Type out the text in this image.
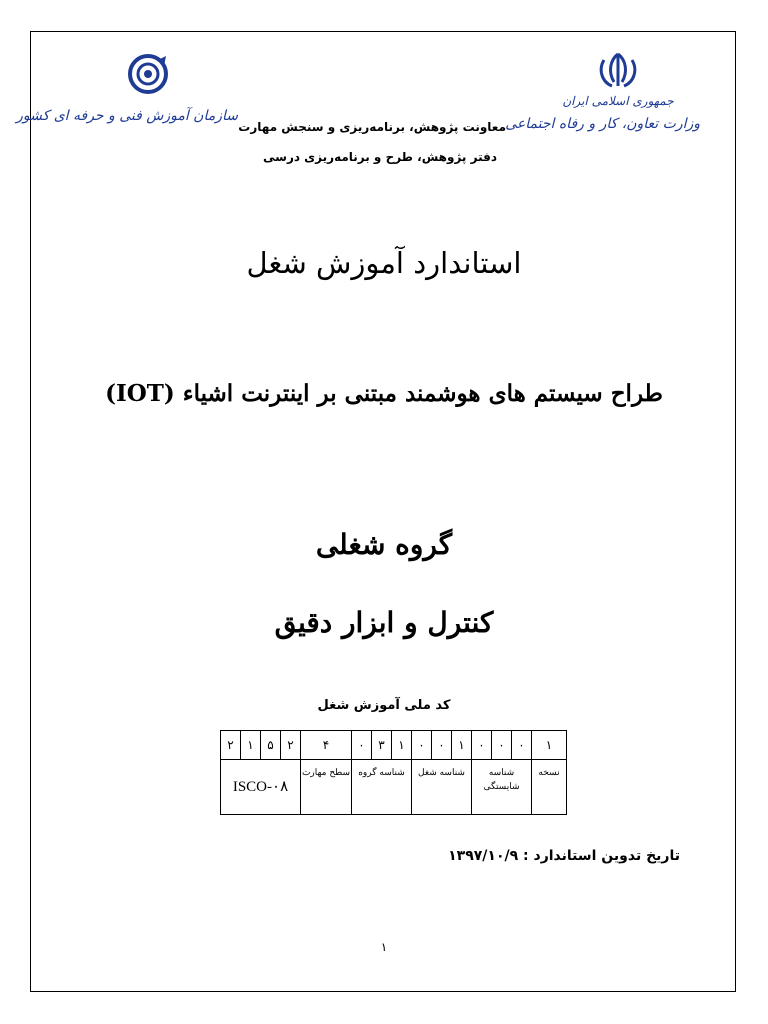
سازمان آموزش فنی و حرفه ای کشور
جمهوری اسلامی ایران
وزارت تعاون، کار و رفاه اجتماعی
معاونت پژوهش، برنامه‌ریزی و سنجش مهارت
دفتر پژوهش، طرح و برنامه‌ریزی درسی
استاندارد آموزش شغل
طراح سیستم های هوشمند مبتنی بر اینترنت اشیاء (IOT)
گروه شغلی
کنترل و ابزار دقیق
کد ملی آموزش شغل
۲	۱	۵	۲	۴	۰	۳	۱	۰	۰	۱	۰	۰	۰	۱
ISCO-۰۸				سطح مهارت	شناسه گروه			شناسه شغل			شناسه شایستگی			نسخه
تاریخ تدوین استاندارد : ۱۳۹۷/۱۰/۹
۱
